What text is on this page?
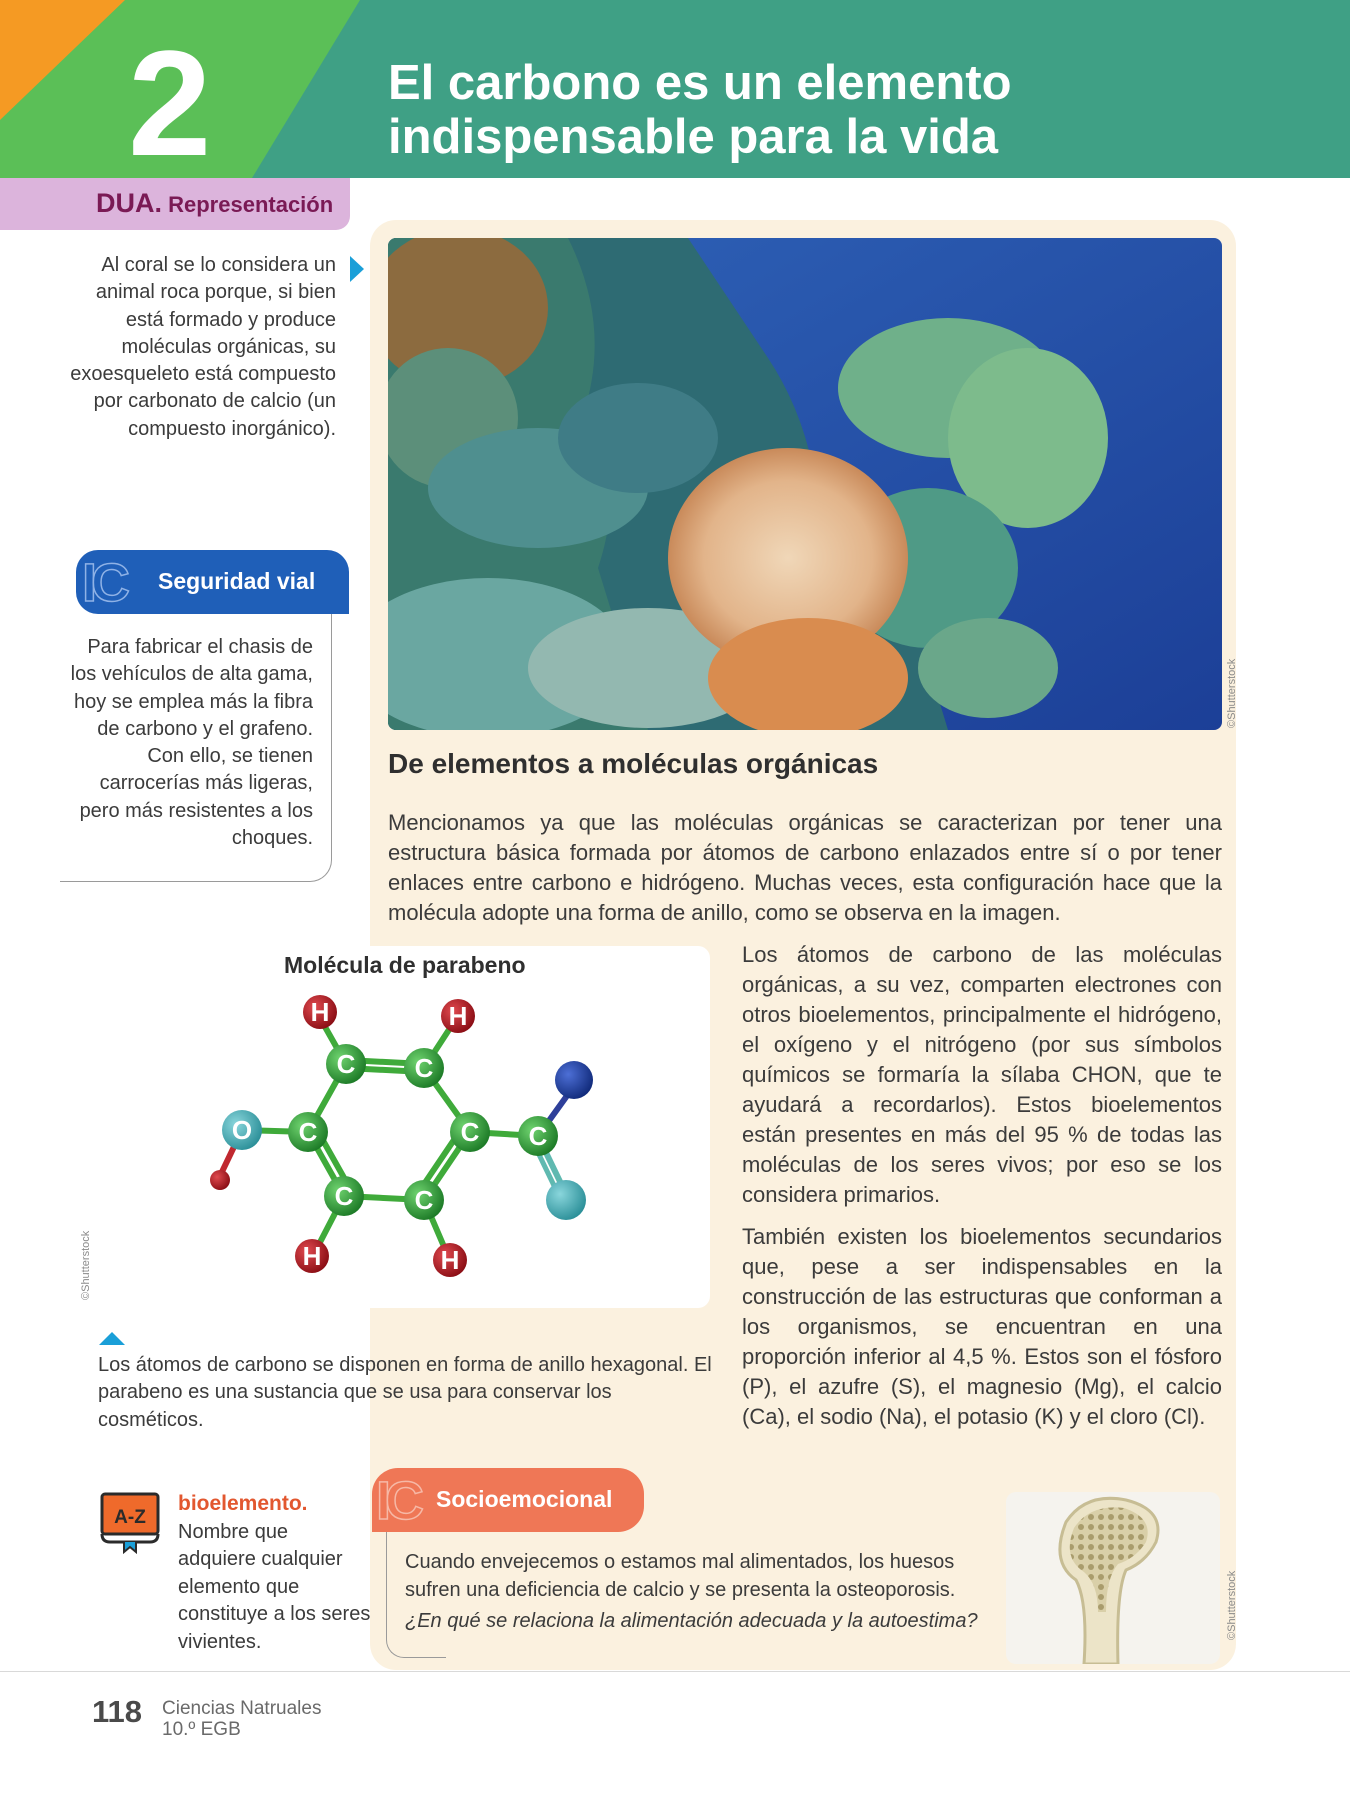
2	El carbono es un elemento indispensable para la vida
DUA. Representación
Al coral se lo considera un animal roca porque, si bien está formado y produce moléculas orgánicas, su exoesqueleto está compuesto por carbonato de calcio (un compuesto inorgánico).
IC Seguridad vial
Para fabricar el chasis de los vehículos de alta gama, hoy se emplea más la fibra de carbono y el grafeno. Con ello, se tienen carrocerías más ligeras, pero más resistentes a los choques.
A-Z
bioelemento.
Nombre que
adquiere cualquier elemento que constituye a los seres vivientes.
©Shutterstock
De elementos a moléculas orgánicas
Mencionamos ya que las moléculas orgánicas se caracterizan por tener una estructura básica formada por átomos de carbono enlazados entre sí o por tener enlaces entre carbono e hidrógeno. Muchas veces, esta configuración hace que la molécula adopte una forma de anillo, como se observa en la imagen.
Los átomos de carbono de las moléculas orgánicas, a su vez, comparten electrones con otros bioelementos, principalmente el hidrógeno, el oxígeno y el nitrógeno (por sus símbolos químicos se formaría la sílaba CHON, que te ayudará a recordarlos). Estos bioelementos están presentes en más del 95 % de todas las moléculas de los seres vivos; por eso se los considera primarios.
También existen los bioelementos secundarios que, pese a ser indispensables en la construcción de las estructuras que conforman a los organismos, se encuentran en una proporción inferior al 4,5 %. Estos son el fósforo (P), el azufre (S), el magnesio (Mg), el calcio (Ca), el sodio (Na), el potasio (K) y el cloro (Cl).
Molécula de parabeno
C C
C
C
C
C	C
O
H	H
H	H
©Shutterstock
Los átomos de carbono se disponen en forma de anillo hexagonal. El parabeno es una sustancia que se usa para conservar los cosméticos.
IC Socioemocional
Cuando envejecemos o estamos mal alimentados, los huesos sufren una deficiencia de calcio y se presenta la osteoporosis.
¿En qué se relaciona la alimentación adecuada y la autoestima?	©Shutterstock
118 Ciencias Natruales
10.º EGB
